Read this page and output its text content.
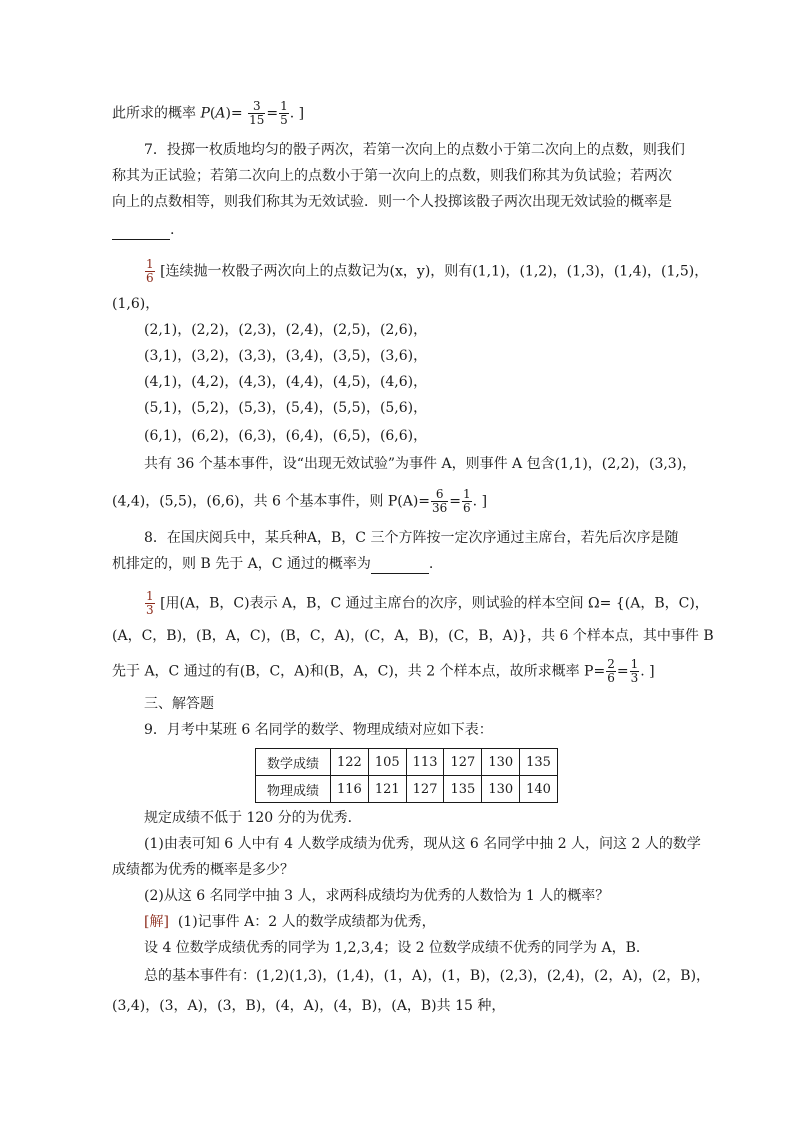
此所求的概率 $P(A)= \frac{3}{15} = \frac{1}{5}$ . ]
7．投掷一枚质地均匀的骰子两次，若第一次向上的点数小于第二次向上的点数，则我们
称其为正试验；若第二次向上的点数小于第一次向上的点数，则我们称其为负试验；若两次
向上的点数相等，则我们称其为无效试验．则一个人投掷该骰子两次出现无效试验的概率是
.
$\frac{1}{6}$ [连续抛一枚骰子两次向上的点数记为(x，y)，则有(1,1)，(1,2)，(1,3)，(1,4)，(1,5)，
(1,6)，
(2,1)，(2,2)，(2,3)，(2,4)，(2,5)，(2,6)，
(3,1)，(3,2)，(3,3)，(3,4)，(3,5)，(3,6)，
(4,1)，(4,2)，(4,3)，(4,4)，(4,5)，(4,6)，
(5,1)，(5,2)，(5,3)，(5,4)，(5,5)，(5,6)，
(6,1)，(6,2)，(6,3)，(6,4)，(6,5)，(6,6)，
共有 36 个基本事件，设“出现无效试验”为事件 A，则事件 A 包含(1,1)，(2,2)，(3,3)，
(4,4)，(5,5)，(6,6)，共 6 个基本事件，则 $P(A)= \frac{6}{36} = \frac{1}{6}$ . ]
8．在国庆阅兵中，某兵种A，B，C 三个方阵按一定次序通过主席台，若先后次序是随
机排定的，则 B 先于 A，C 通过的概率为	.
$\frac{1}{3}$ [用(A，B，C)表示 A，B，C 通过主席台的次序，则试验的样本空间 Ω= {(A，B，C)，
(A，C，B)，(B，A，C)，(B，C，A)，(C，A，B)，(C，B，A)}，共 6 个样本点，其中事件 B
先于 A，C 通过的有(B，C，A)和(B，A，C)，共 2 个样本点，故所求概率 $P= \frac{2}{6} = \frac{1}{3}$ . ]
三、解答题
9．月考中某班 6 名同学的数学、物理成绩对应如下表：
数学成绩	122	105	113	127	130	135
物理成绩	116	121	127	135	130	140
规定成绩不低于 120 分的为优秀．
(1)由表可知 6 人中有 4 人数学成绩为优秀，现从这 6 名同学中抽 2 人，问这 2 人的数学
成绩都为优秀的概率是多少？
(2)从这 6 名同学中抽 3 人，求两科成绩均为优秀的人数恰为 1 人的概率？
[解] (1)记事件 A：2 人的数学成绩都为优秀，
设 4 位数学成绩优秀的同学为 1,2,3,4；设 2 位数学成绩不优秀的同学为 A，B．
总的基本事件有：(1,2)(1,3)，(1,4)，(1，A)，(1，B)，(2,3)，(2,4)，(2，A)，(2，B)，
(3,4)，(3，A)，(3，B)，(4，A)，(4，B)，(A，B)共 15 种，
